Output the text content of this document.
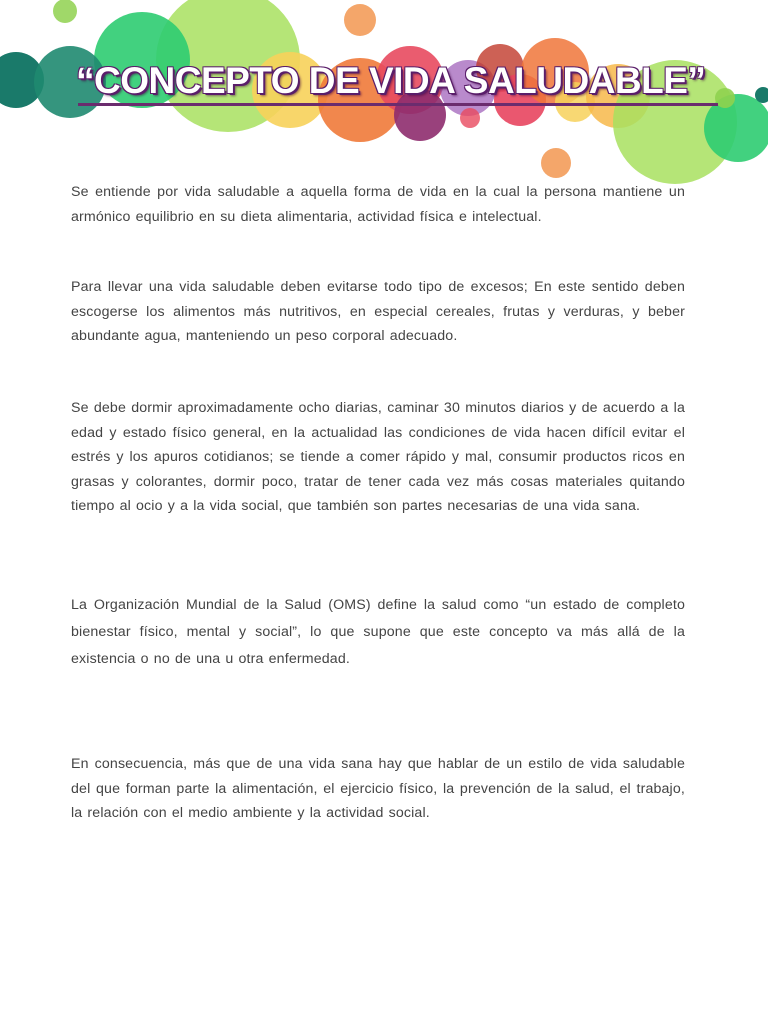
“CONCEPTO DE VIDA SALUDABLE”

Se entiende por vida saludable a aquella forma de vida en la cual la persona mantiene un armónico equilibrio en su dieta alimentaria, actividad física e intelectual.

Para llevar una vida saludable deben evitarse todo tipo de excesos; En este sentido deben escogerse los alimentos más nutritivos, en especial cereales, frutas y verduras, y beber abundante agua, manteniendo un peso corporal adecuado.

Se debe dormir aproximadamente ocho diarias, caminar 30 minutos diarios y de acuerdo a la edad y estado físico general, en la actualidad las condiciones de vida hacen difícil evitar el estrés y los apuros cotidianos; se tiende a comer rápido y mal, consumir productos ricos en grasas y colorantes, dormir poco, tratar de tener cada vez más cosas materiales quitando tiempo al ocio y a la vida social, que también son partes necesarias de una vida sana.

La Organización Mundial de la Salud (OMS) define la salud como “un estado de completo bienestar físico, mental y social”, lo que supone que este concepto va más allá de la existencia o no de una u otra enfermedad.

En consecuencia, más que de una vida sana hay que hablar de un estilo de vida saludable del que forman parte la alimentación, el ejercicio físico, la prevención de la salud, el trabajo, la relación con el medio ambiente y la actividad social.
